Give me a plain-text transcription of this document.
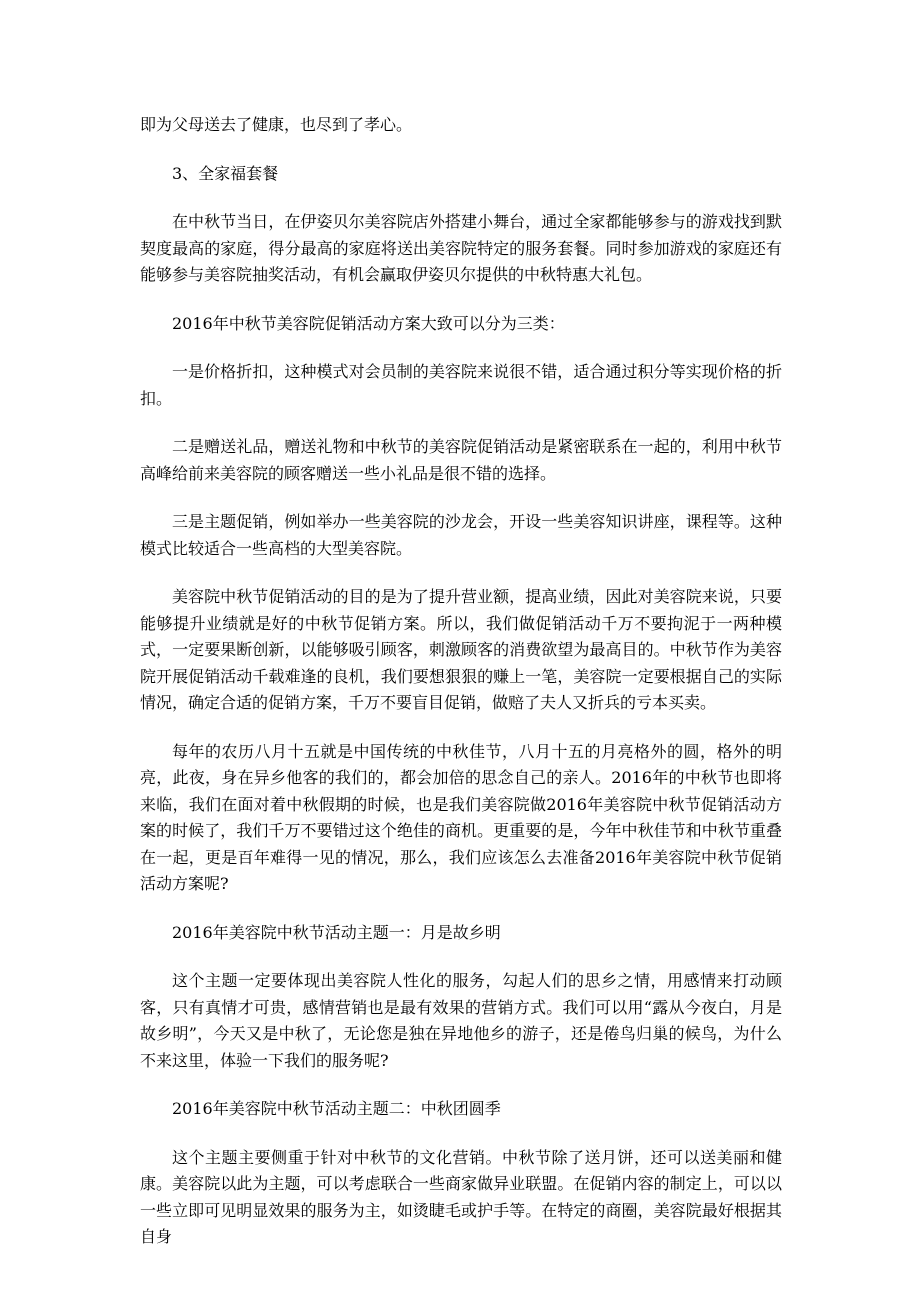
即为父母送去了健康，也尽到了孝心。

3、全家福套餐

在中秋节当日，在伊姿贝尔美容院店外搭建小舞台，通过全家都能够参与的游戏找到默契度最高的家庭，得分最高的家庭将送出美容院特定的服务套餐。同时参加游戏的家庭还有能够参与美容院抽奖活动，有机会赢取伊姿贝尔提供的中秋特惠大礼包。

2016年中秋节美容院促销活动方案大致可以分为三类：

一是价格折扣，这种模式对会员制的美容院来说很不错，适合通过积分等实现价格的折扣。

二是赠送礼品，赠送礼物和中秋节的美容院促销活动是紧密联系在一起的，利用中秋节高峰给前来美容院的顾客赠送一些小礼品是很不错的选择。

三是主题促销，例如举办一些美容院的沙龙会，开设一些美容知识讲座，课程等。这种模式比较适合一些高档的大型美容院。

美容院中秋节促销活动的目的是为了提升营业额，提高业绩，因此对美容院来说，只要能够提升业绩就是好的中秋节促销方案。所以，我们做促销活动千万不要拘泥于一两种模式，一定要果断创新，以能够吸引顾客，刺激顾客的消费欲望为最高目的。中秋节作为美容院开展促销活动千载难逢的良机，我们要想狠狠的赚上一笔，美容院一定要根据自己的实际情况，确定合适的促销方案，千万不要盲目促销，做赔了夫人又折兵的亏本买卖。

每年的农历八月十五就是中国传统的中秋佳节，八月十五的月亮格外的圆，格外的明亮，此夜，身在异乡他客的我们的，都会加倍的思念自己的亲人。2016年的中秋节也即将来临，我们在面对着中秋假期的时候，也是我们美容院做2016年美容院中秋节促销活动方案的时候了，我们千万不要错过这个绝佳的商机。更重要的是，今年中秋佳节和中秋节重叠在一起，更是百年难得一见的情况，那么，我们应该怎么去准备2016年美容院中秋节促销活动方案呢?

2016年美容院中秋节活动主题一：月是故乡明

这个主题一定要体现出美容院人性化的服务，勾起人们的思乡之情，用感情来打动顾客，只有真情才可贵，感情营销也是最有效果的营销方式。我们可以用“露从今夜白，月是故乡明”，今天又是中秋了，无论您是独在异地他乡的游子，还是倦鸟归巢的候鸟，为什么不来这里，体验一下我们的服务呢?

2016年美容院中秋节活动主题二：中秋团圆季

这个主题主要侧重于针对中秋节的文化营销。中秋节除了送月饼，还可以送美丽和健康。美容院以此为主题，可以考虑联合一些商家做异业联盟。在促销内容的制定上，可以以一些立即可见明显效果的服务为主，如烫睫毛或护手等。在特定的商圈，美容院最好根据其自身
